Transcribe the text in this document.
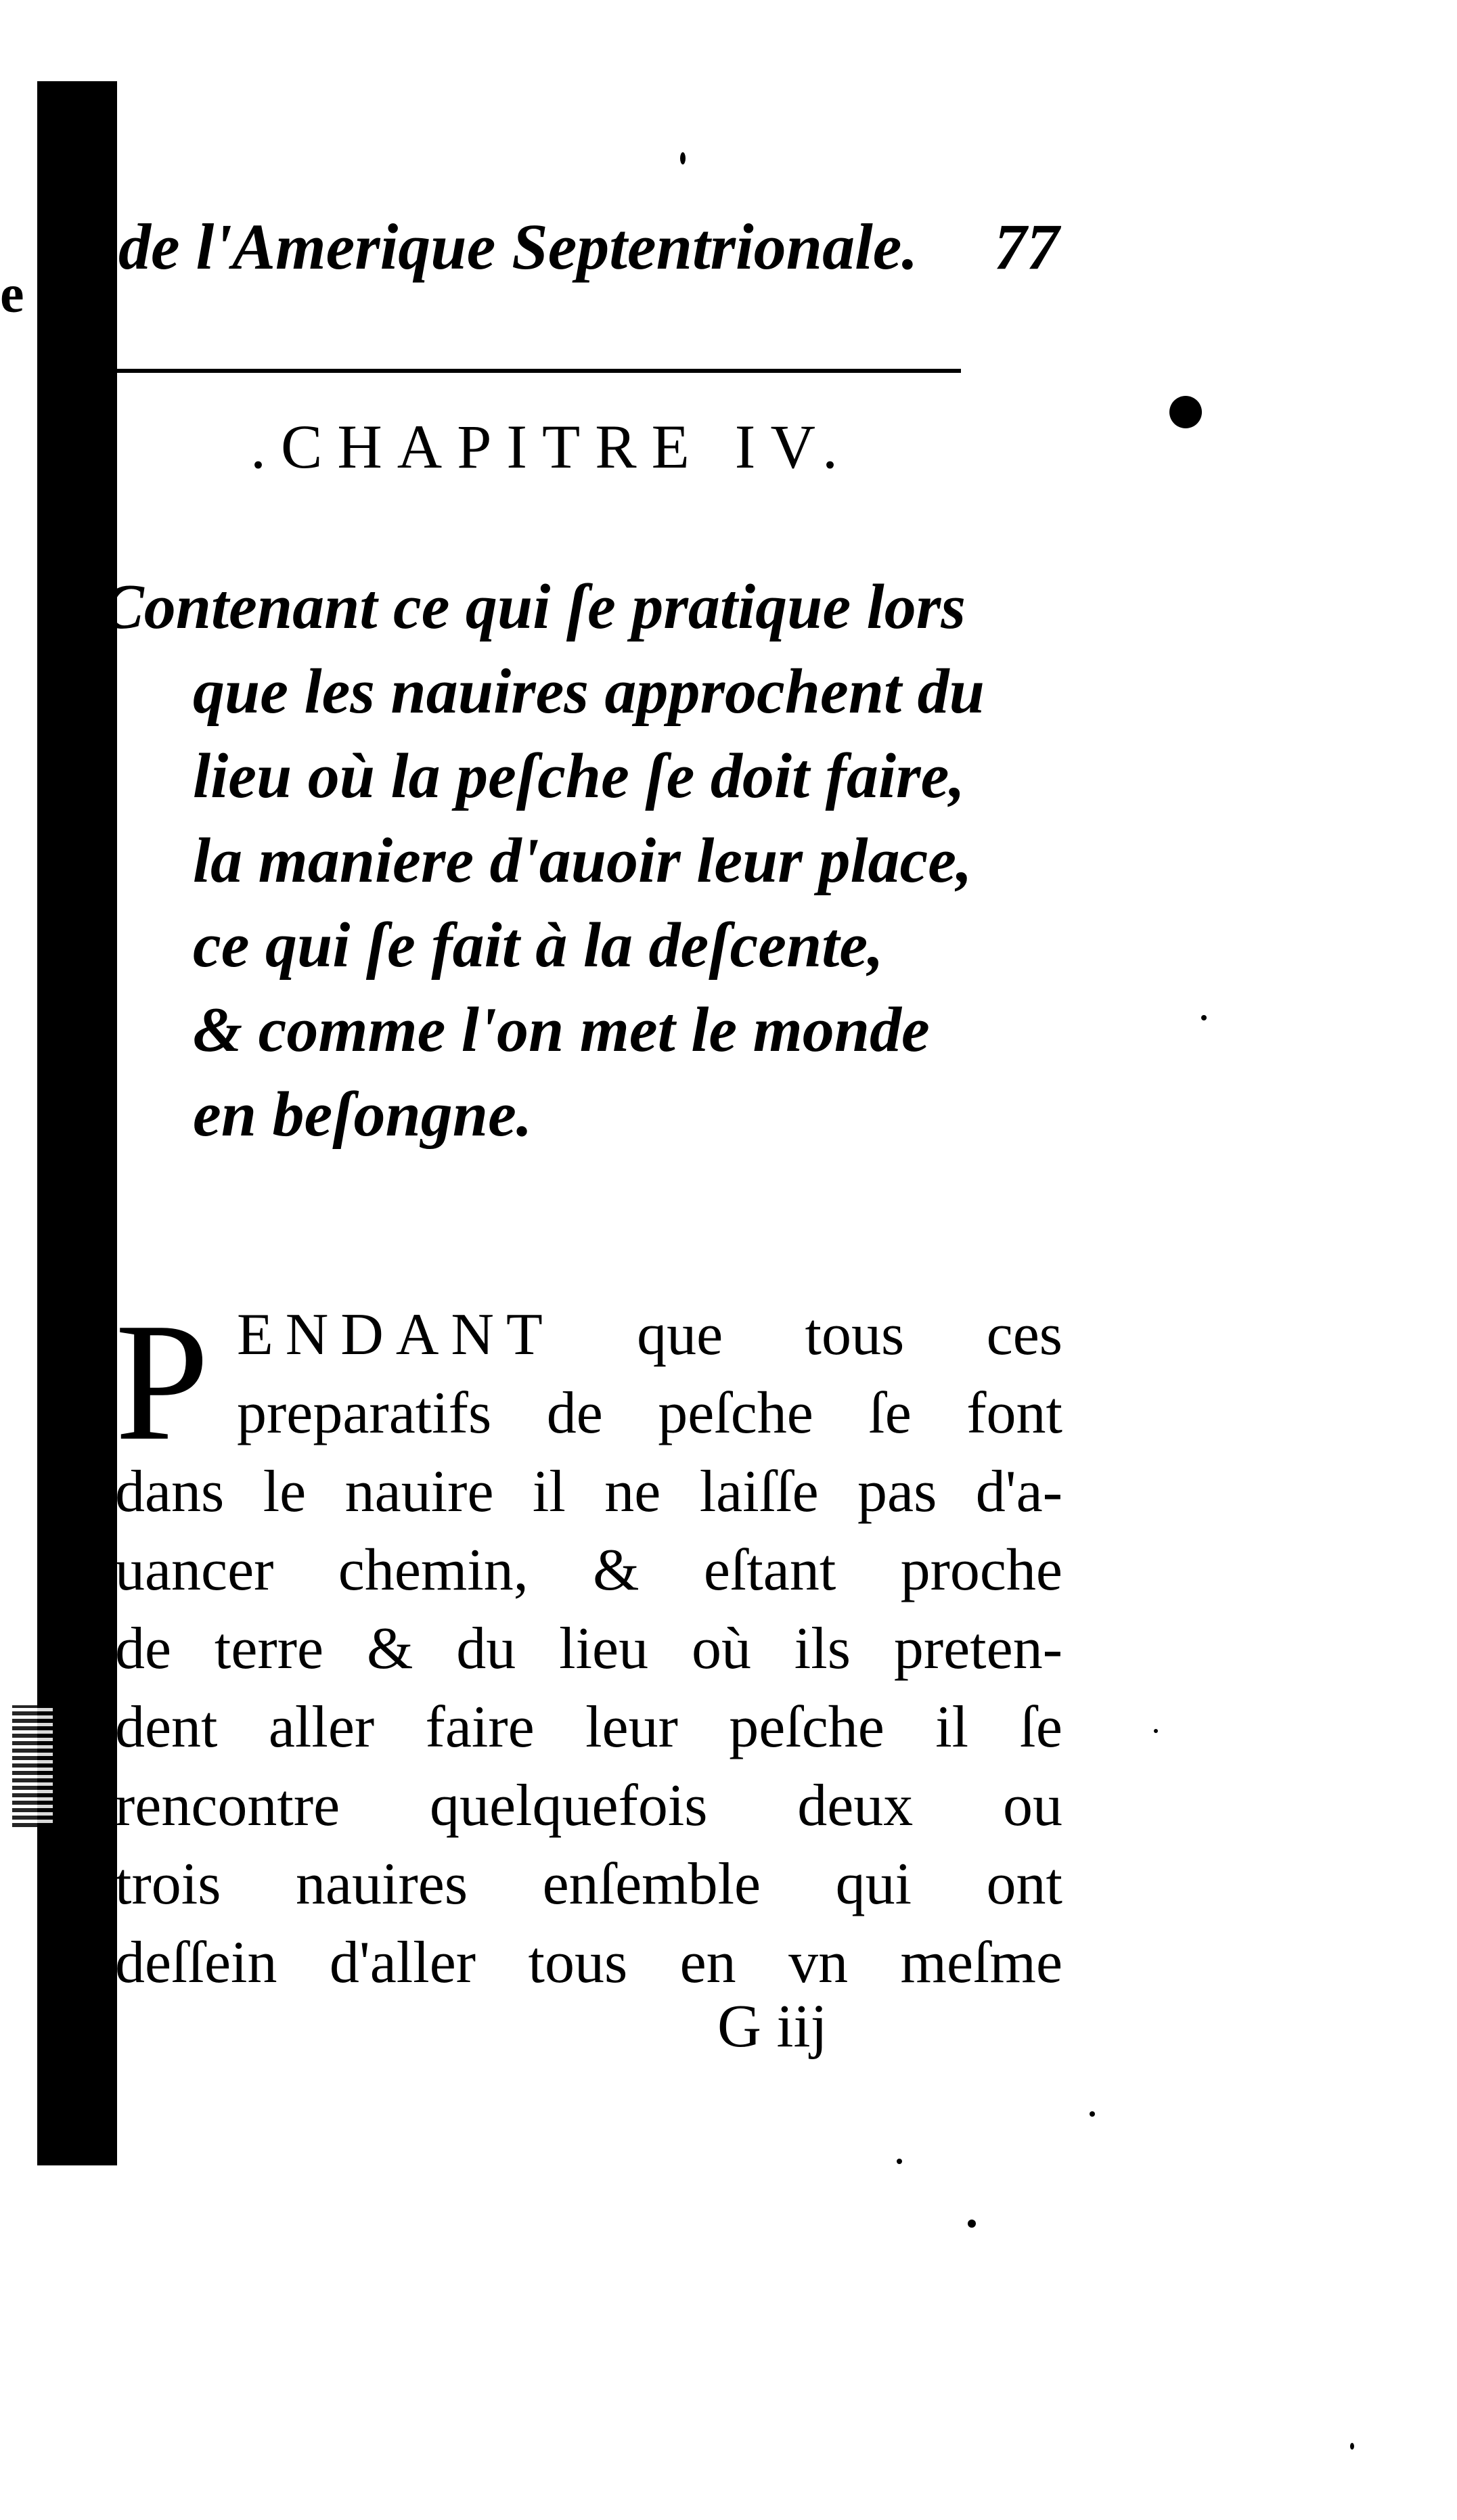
e
de l'Amerique Septentrionale. 77
.CHAPITRE IV.
Contenant ce qui ſe pratique lors
que les nauires approchent du
lieu où la peſche ſe doit faire,
la maniere d'auoir leur place,
ce qui ſe fait à la deſcente,
& comme l'on met le monde
en beſongne.
P ENDANT que tous ces
preparatifs de peſche ſe font
dans le nauire il ne laiſſe pas d'a-
uancer chemin, & eſtant proche
de terre & du lieu où ils preten-
dent aller faire leur peſche il ſe
rencontre quelquefois deux ou
trois nauires enſemble qui ont
deſſein d'aller tous en vn meſme
G iij
